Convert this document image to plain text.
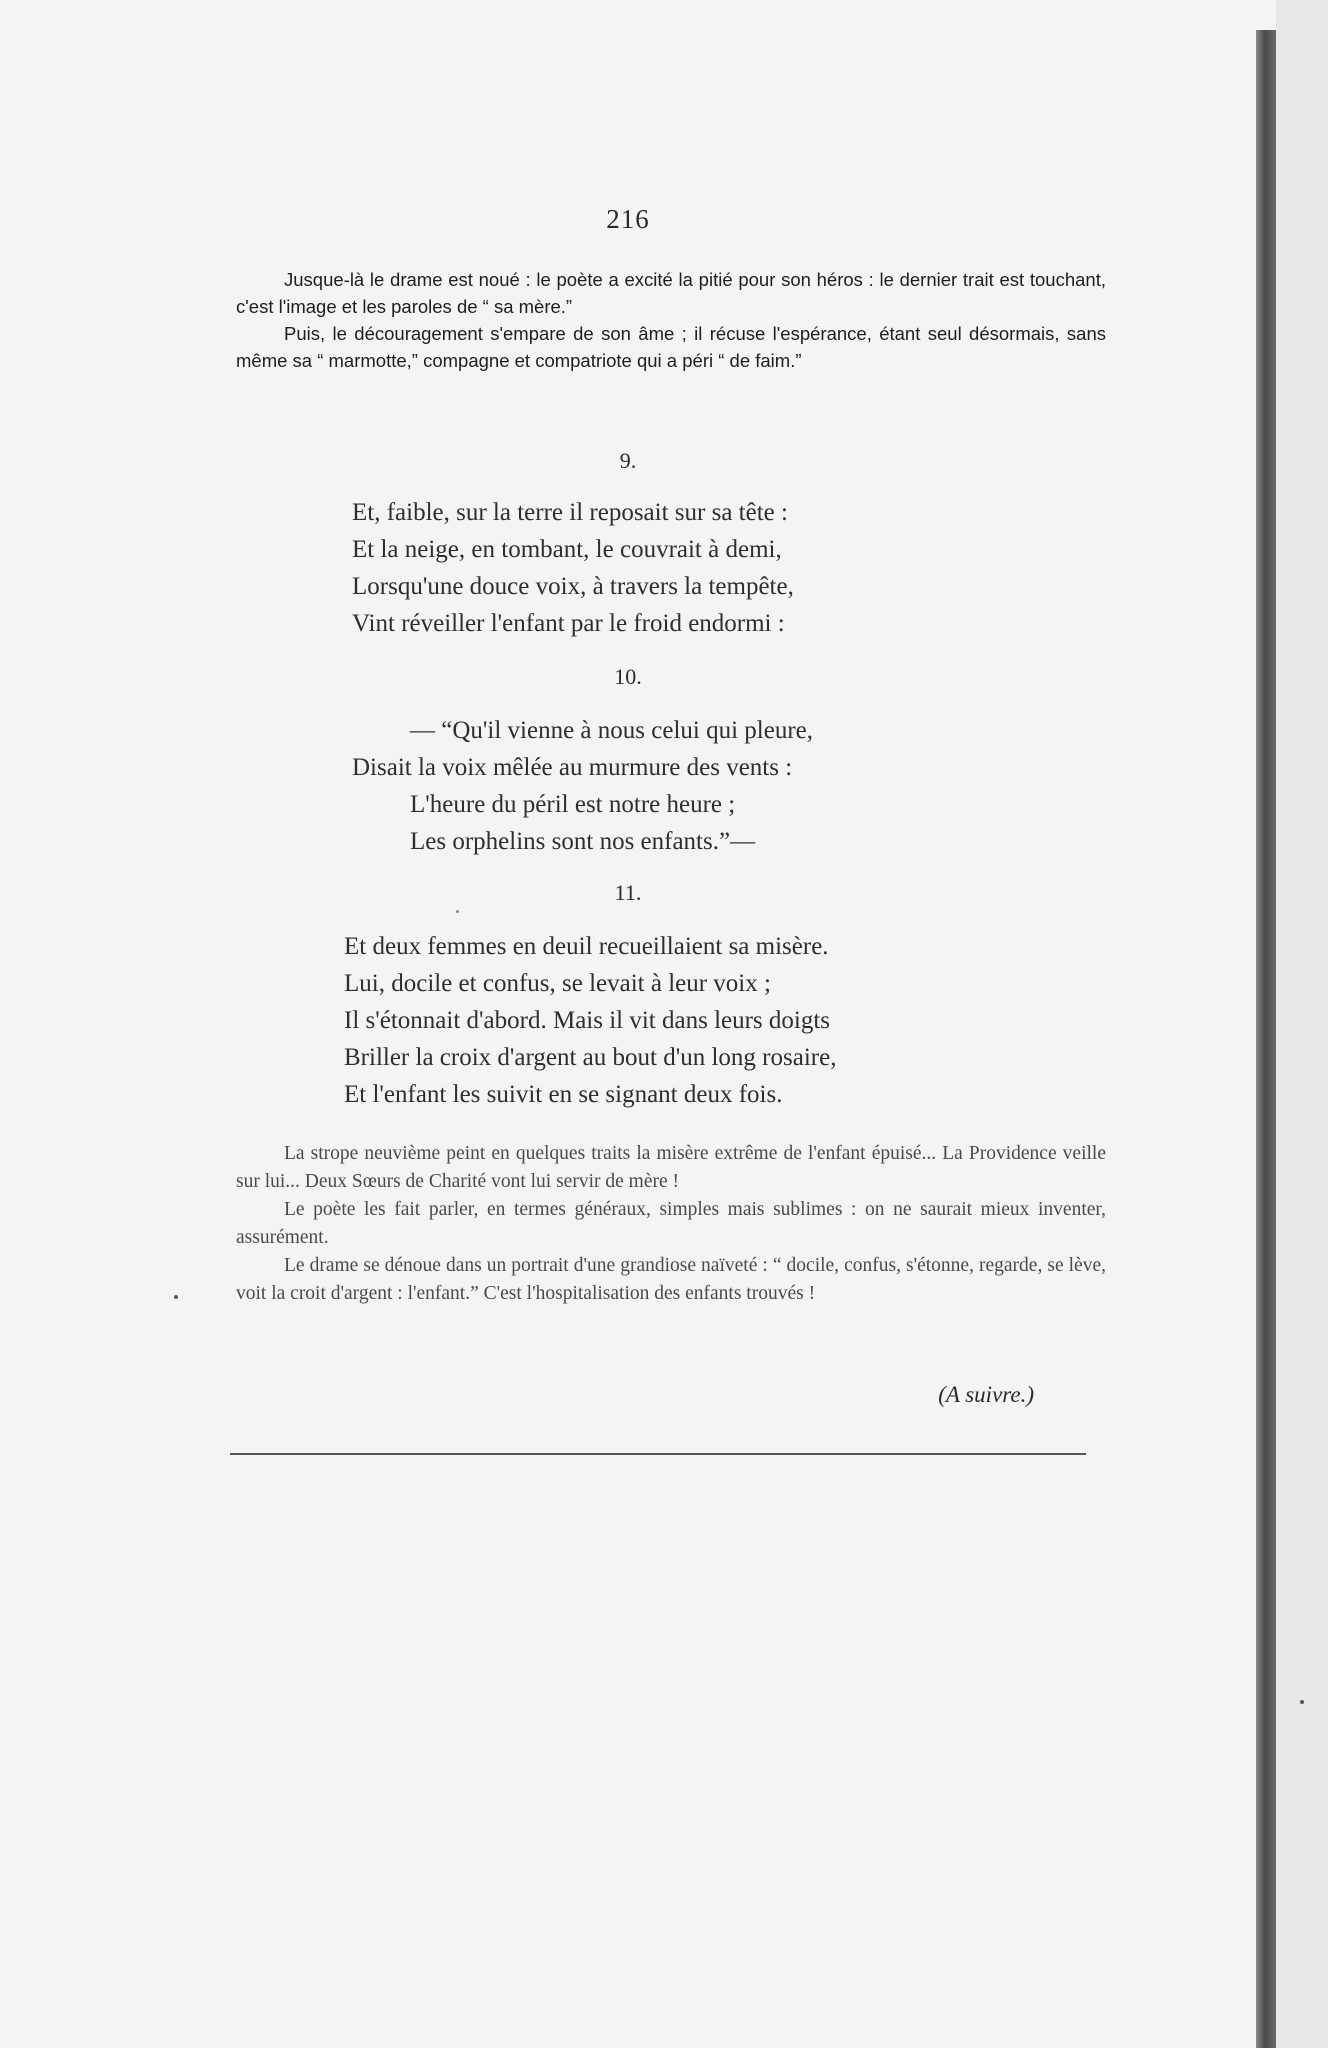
216

Jusque-là le drame est noué : le poète a excité la pitié pour son héros : le dernier trait est touchant, c'est l'image et les paroles de “ sa mère.”

Puis, le découragement s'empare de son âme ; il récuse l'espérance, étant seul désormais, sans même sa “ marmotte,” compagne et compatriote qui a péri “ de faim.”

9.
Et, faible, sur la terre il reposait sur sa tête :
Et la neige, en tombant, le couvrait à demi,
Lorsqu'une douce voix, à travers la tempête,
Vint réveiller l'enfant par le froid endormi :
10.
— “Qu'il vienne à nous celui qui pleure,
Disait la voix mêlée au murmure des vents :
L'heure du péril est notre heure ;
Les orphelins sont nos enfants.”—
11.
Et deux femmes en deuil recueillaient sa misère.
Lui, docile et confus, se levait à leur voix ;
Il s'étonnait d'abord. Mais il vit dans leurs doigts
Briller la croix d'argent au bout d'un long rosaire,
Et l'enfant les suivit en se signant deux fois.

La strope neuvième peint en quelques traits la misère extrême de l'enfant épuisé... La Providence veille sur lui... Deux Sœurs de Charité vont lui servir de mère !

Le poète les fait parler, en termes généraux, simples mais sublimes : on ne saurait mieux inventer, assurément.

Le drame se dénoue dans un portrait d'une grandiose naïveté : “ docile, confus, s'étonne, regarde, se lève, voit la croit d'argent : l'enfant.” C'est l'hospitalisation des enfants trouvés !

(A suivre.)
